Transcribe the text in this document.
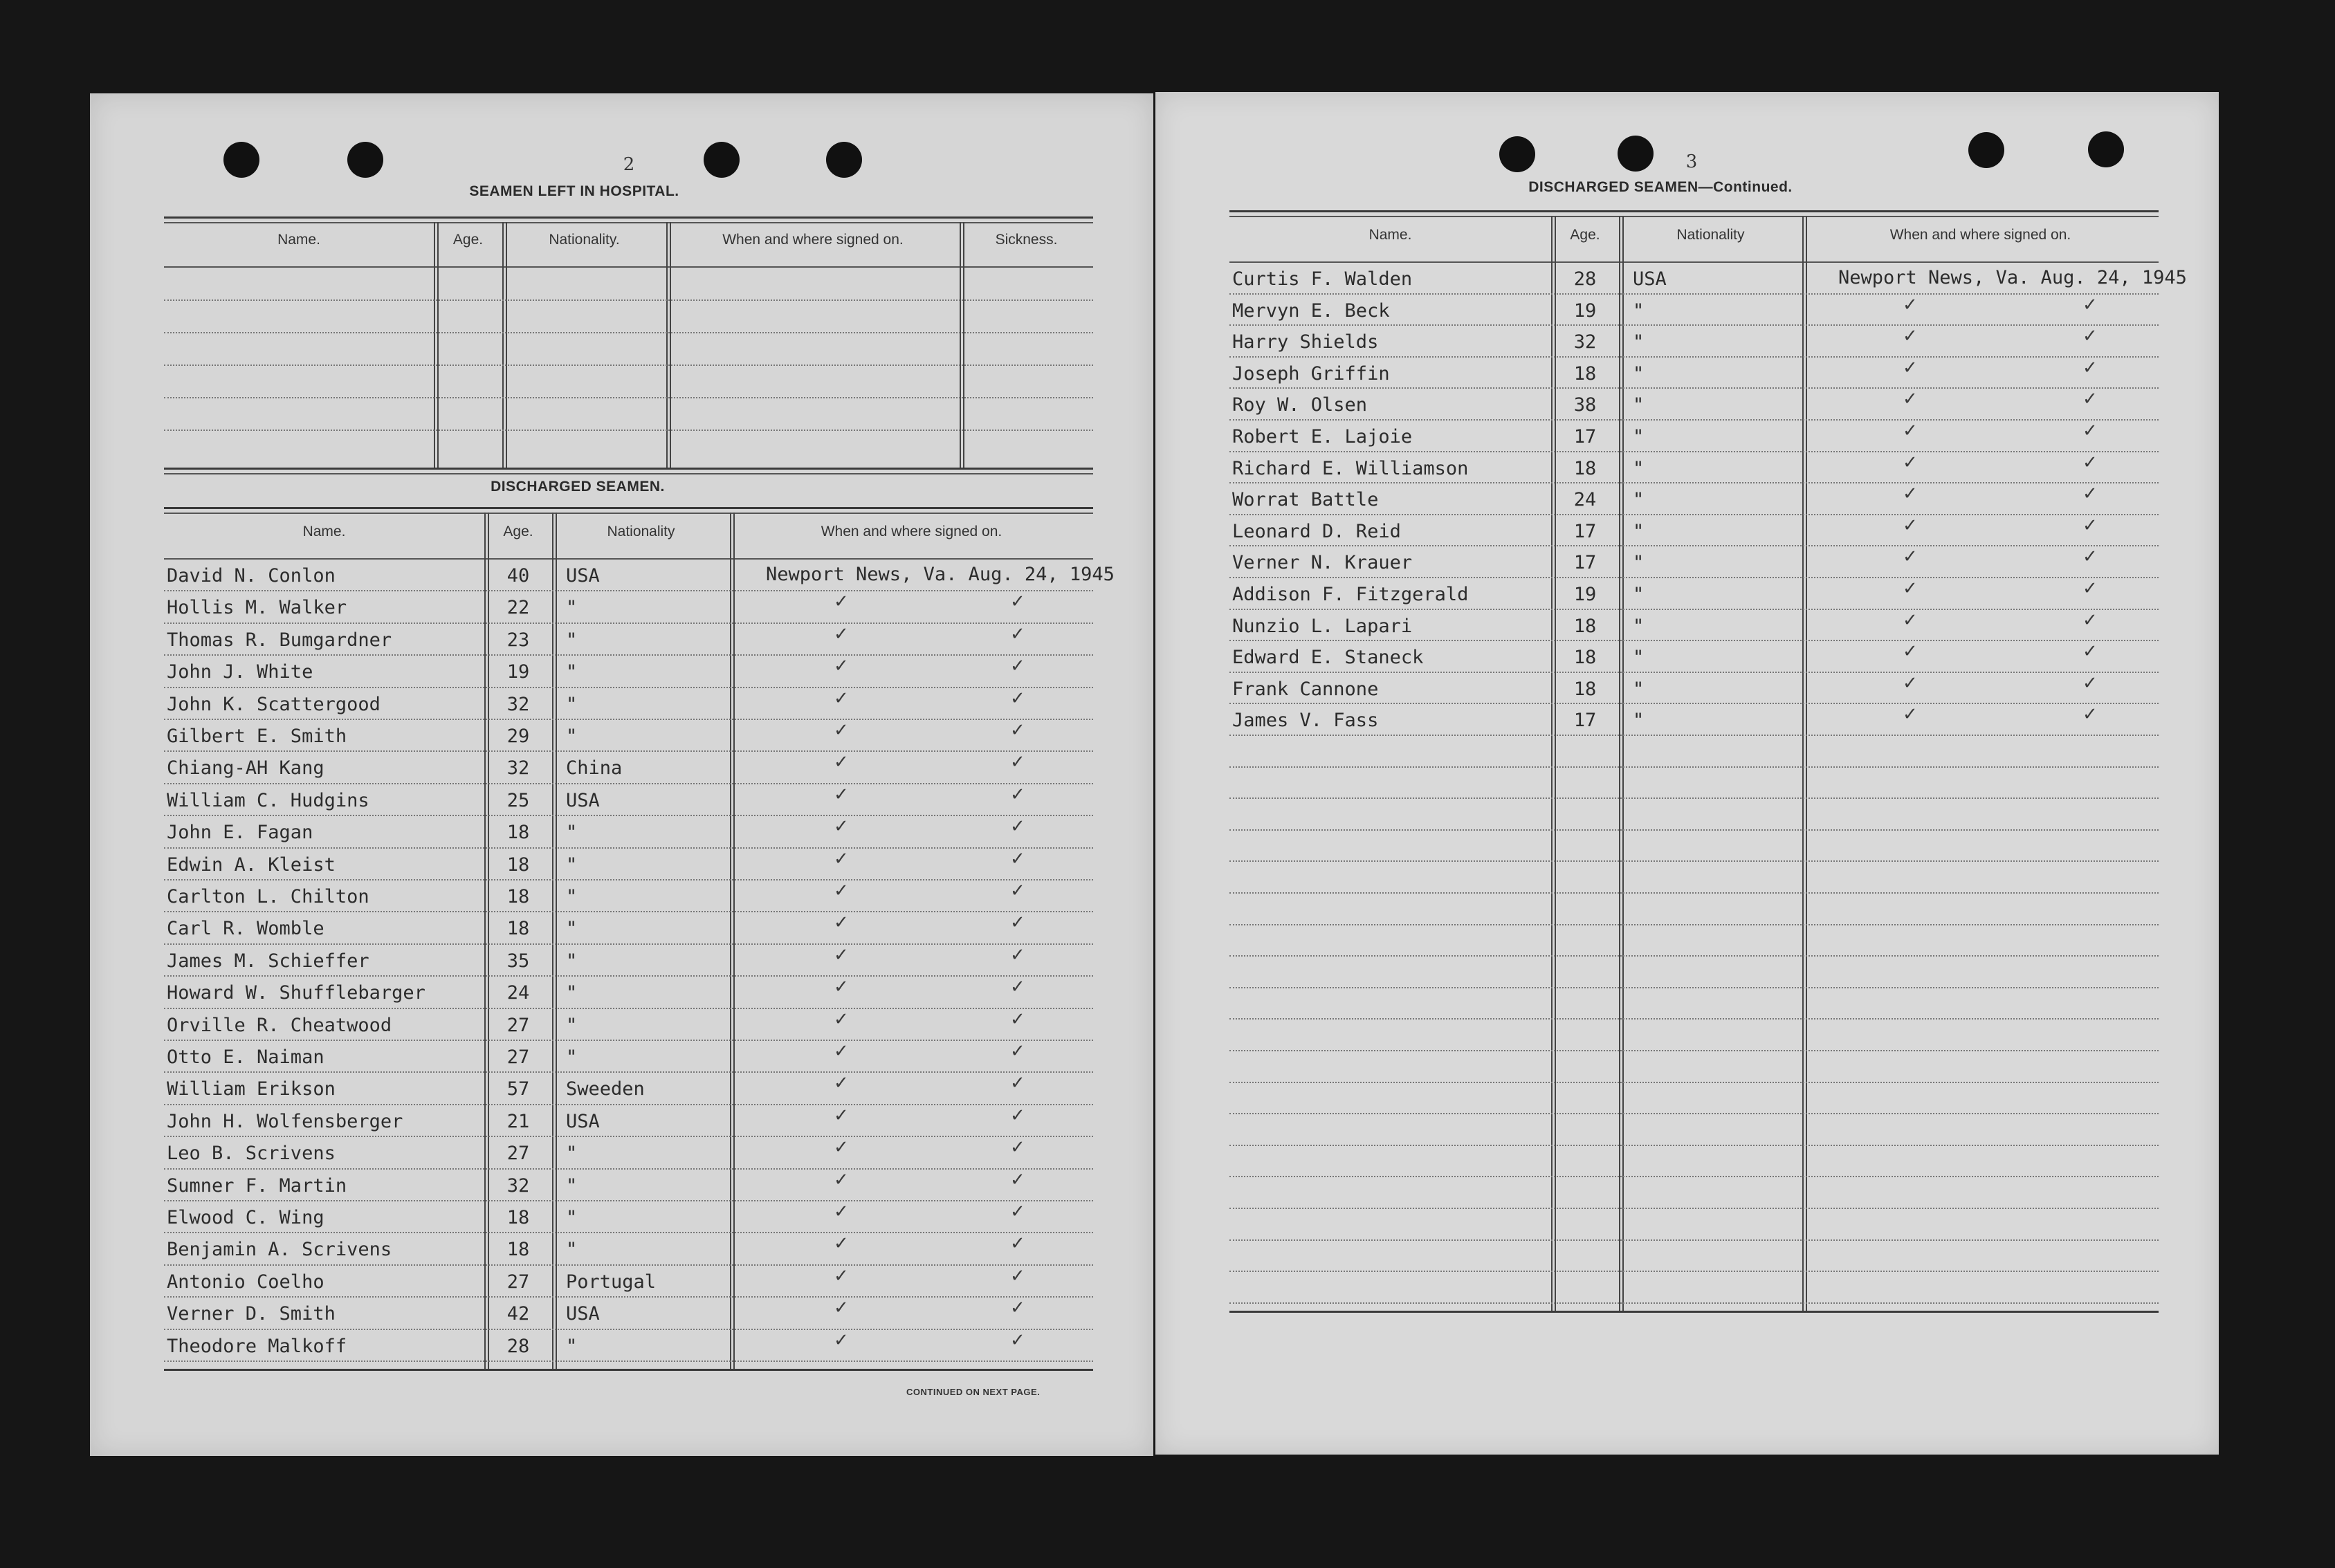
2
SEAMEN LEFT IN HOSPITAL.
Name.	Age.	Nationality.	When and where signed on.	Sickness.
DISCHARGED SEAMEN.
Name.	Age.	Nationality	When and where signed on.
David N. Conlon	40	USA	Newport News, Va. Aug. 24, 1945
Hollis M. Walker	22	"	✓	✓
Thomas R. Bumgardner	23	"	✓	✓
John J. White	19	"	✓	✓
John K. Scattergood	32	"	✓	✓
Gilbert E. Smith	29	"	✓	✓
Chiang-AH Kang	32	China	✓	✓
William C. Hudgins	25	USA	✓	✓
John E. Fagan	18	"	✓	✓
Edwin A. Kleist	18	"	✓	✓
Carlton L. Chilton	18	"	✓	✓
Carl R. Womble	18	"	✓	✓
James M. Schieffer	35	"	✓	✓
Howard W. Shufflebarger	24	"	✓	✓
Orville R. Cheatwood	27	"	✓	✓
Otto E. Naiman	27	"	✓	✓
William Erikson	57	Sweeden	✓	✓
John H. Wolfensberger	21	USA	✓	✓
Leo B. Scrivens	27	"	✓	✓
Sumner F. Martin	32	"	✓	✓
Elwood C. Wing	18	"	✓	✓
Benjamin A. Scrivens	18	"	✓	✓
Antonio Coelho	27	Portugal	✓	✓
Verner D. Smith	42	USA	✓	✓
Theodore Malkoff	28	"	✓	✓
CONTINUED ON NEXT PAGE.
3
DISCHARGED SEAMEN—Continued.
Name.	Age.	Nationality	When and where signed on.
Curtis F. Walden	28	USA	Newport News, Va. Aug. 24, 1945
Mervyn E. Beck	19	"	✓	✓
Harry Shields	32	"	✓	✓
Joseph Griffin	18	"	✓	✓
Roy W. Olsen	38	"	✓	✓
Robert E. Lajoie	17	"	✓	✓
Richard E. Williamson	18	"	✓	✓
Worrat Battle	24	"	✓	✓
Leonard D. Reid	17	"	✓	✓
Verner N. Krauer	17	"	✓	✓
Addison F. Fitzgerald	19	"	✓	✓
Nunzio L. Lapari	18	"	✓	✓
Edward E. Staneck	18	"	✓	✓
Frank Cannone	18	"	✓	✓
James V. Fass	17	"	✓	✓
